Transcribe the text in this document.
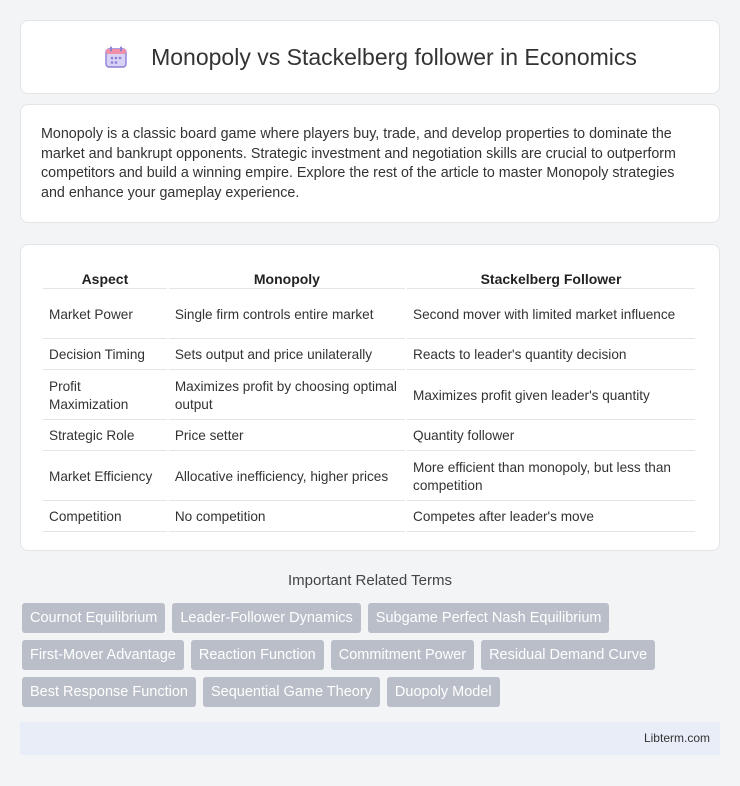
Monopoly vs Stackelberg follower in Economics

Monopoly is a classic board game where players buy, trade, and develop properties to dominate the market and bankrupt opponents. Strategic investment and negotiation skills are crucial to outperform competitors and build a winning empire. Explore the rest of the article to master Monopoly strategies and enhance your gameplay experience.

Aspect	Monopoly	Stackelberg Follower
Market Power	Single firm controls entire market	Second mover with limited market influence
Decision Timing	Sets output and price unilaterally	Reacts to leader's quantity decision
Profit Maximization	Maximizes profit by choosing optimal output	Maximizes profit given leader's quantity
Strategic Role	Price setter	Quantity follower
Market Efficiency	Allocative inefficiency, higher prices	More efficient than monopoly, but less than competition
Competition	No competition	Competes after leader's move
Important Related Terms
Cournot Equilibrium	Leader-Follower Dynamics	Subgame Perfect Nash Equilibrium
First-Mover Advantage	Reaction Function	Commitment Power	Residual Demand Curve
Best Response Function	Sequential Game Theory	Duopoly Model
Libterm.com
